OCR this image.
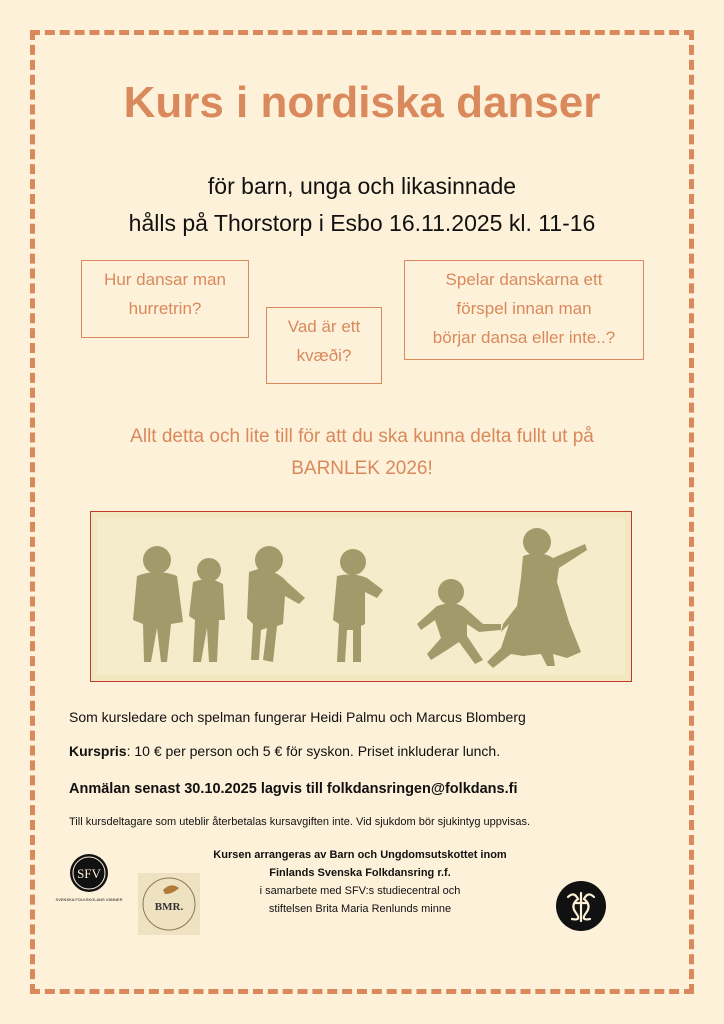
Kurs i nordiska danser
för barn, unga och likasinnade
hålls på Thorstorp i Esbo 16.11.2025 kl. 11-16
Hur dansar man
hurretrin?
Vad är ett
kvæði?
Spelar danskarna ett
förspel innan man
börjar dansa eller inte..?
Allt detta och lite till för att du ska kunna delta fullt ut på
BARNLEK 2026!
Som kursledare och spelman fungerar Heidi Palmu och Marcus Blomberg
Kurspris: 10 € per person och 5 € för syskon. Priset inkluderar lunch.
Anmälan senast 30.10.2025 lagvis till folkdansringen@folkdans.fi
Till kursdeltagare som uteblir återbetalas kursavgiften inte. Vid sjukdom bör sjukintyg uppvisas.
Kursen arrangeras av Barn och Ungdomsutskottet inom
Finlands Svenska Folkdansring r.f.
i samarbete med SFV:s studiecentral och
stiftelsen Brita Maria Renlunds minne
SFV
SVENSKA FOLKSKOLANS VÄNNER
BMR.
